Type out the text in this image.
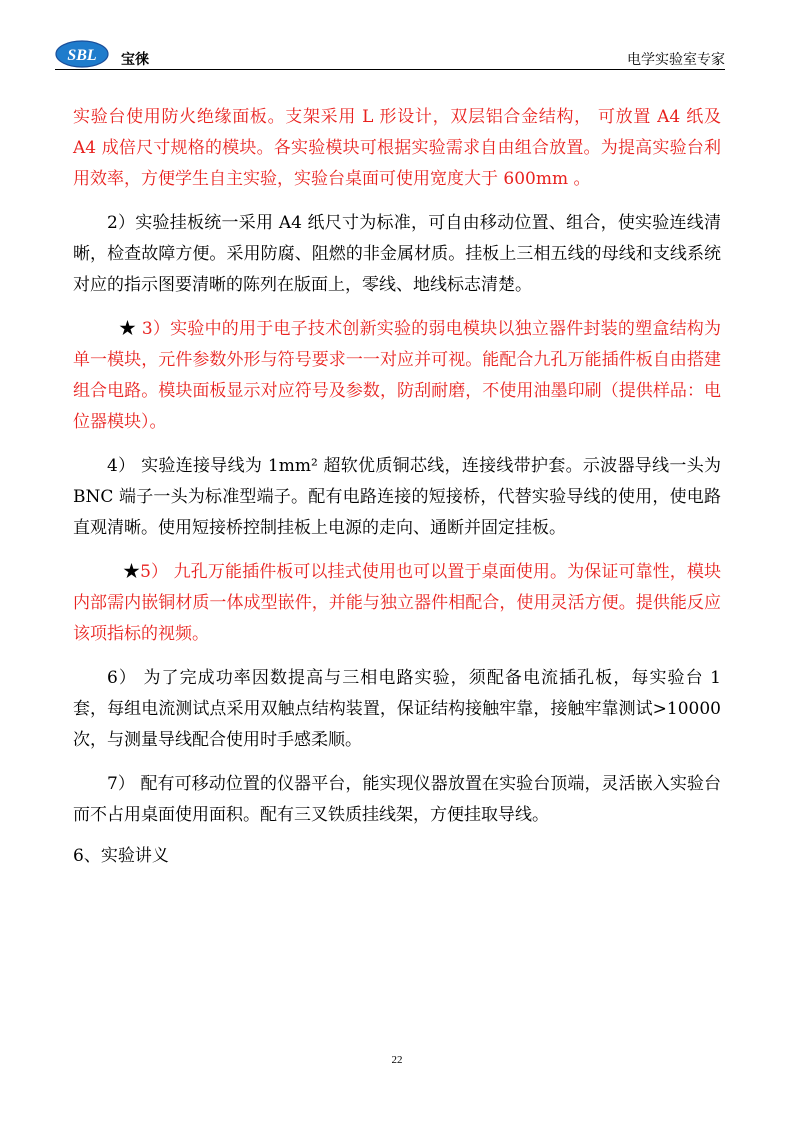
SBL 宝徕	电学实验室专家

实验台使用防火绝缘面板。支架采用 L 形设计，双层铝合金结构， 可放置 A4 纸及 A4 成倍尺寸规格的模块。各实验模块可根据实验需求自由组合放置。为提高实验台利用效率，方便学生自主实验，实验台桌面可使用宽度大于 600mm 。

2）实验挂板统一采用 A4 纸尺寸为标准，可自由移动位置、组合，使实验连线清晰，检查故障方便。采用防腐、阻燃的非金属材质。挂板上三相五线的母线和支线系统对应的指示图要清晰的陈列在版面上，零线、地线标志清楚。

★ 3）实验中的用于电子技术创新实验的弱电模块以独立器件封装的塑盒结构为单一模块，元件参数外形与符号要求一一对应并可视。能配合九孔万能插件板自由搭建组合电路。模块面板显示对应符号及参数，防刮耐磨，不使用油墨印刷（提供样品：电位器模块）。

4） 实验连接导线为 1mm² 超软优质铜芯线，连接线带护套。示波器导线一头为 BNC 端子一头为标准型端子。配有电路连接的短接桥，代替实验导线的使用，使电路直观清晰。使用短接桥控制挂板上电源的走向、通断并固定挂板。

★5） 九孔万能插件板可以挂式使用也可以置于桌面使用。为保证可靠性，模块内部需内嵌铜材质一体成型嵌件，并能与独立器件相配合，使用灵活方便。提供能反应该项指标的视频。

6） 为了完成功率因数提高与三相电路实验，须配备电流插孔板，每实验台 1 套，每组电流测试点采用双触点结构装置，保证结构接触牢靠，接触牢靠测试>10000 次，与测量导线配合使用时手感柔顺。

7） 配有可移动位置的仪器平台，能实现仪器放置在实验台顶端，灵活嵌入实验台而不占用桌面使用面积。配有三叉铁质挂线架，方便挂取导线。

6、实验讲义

22
